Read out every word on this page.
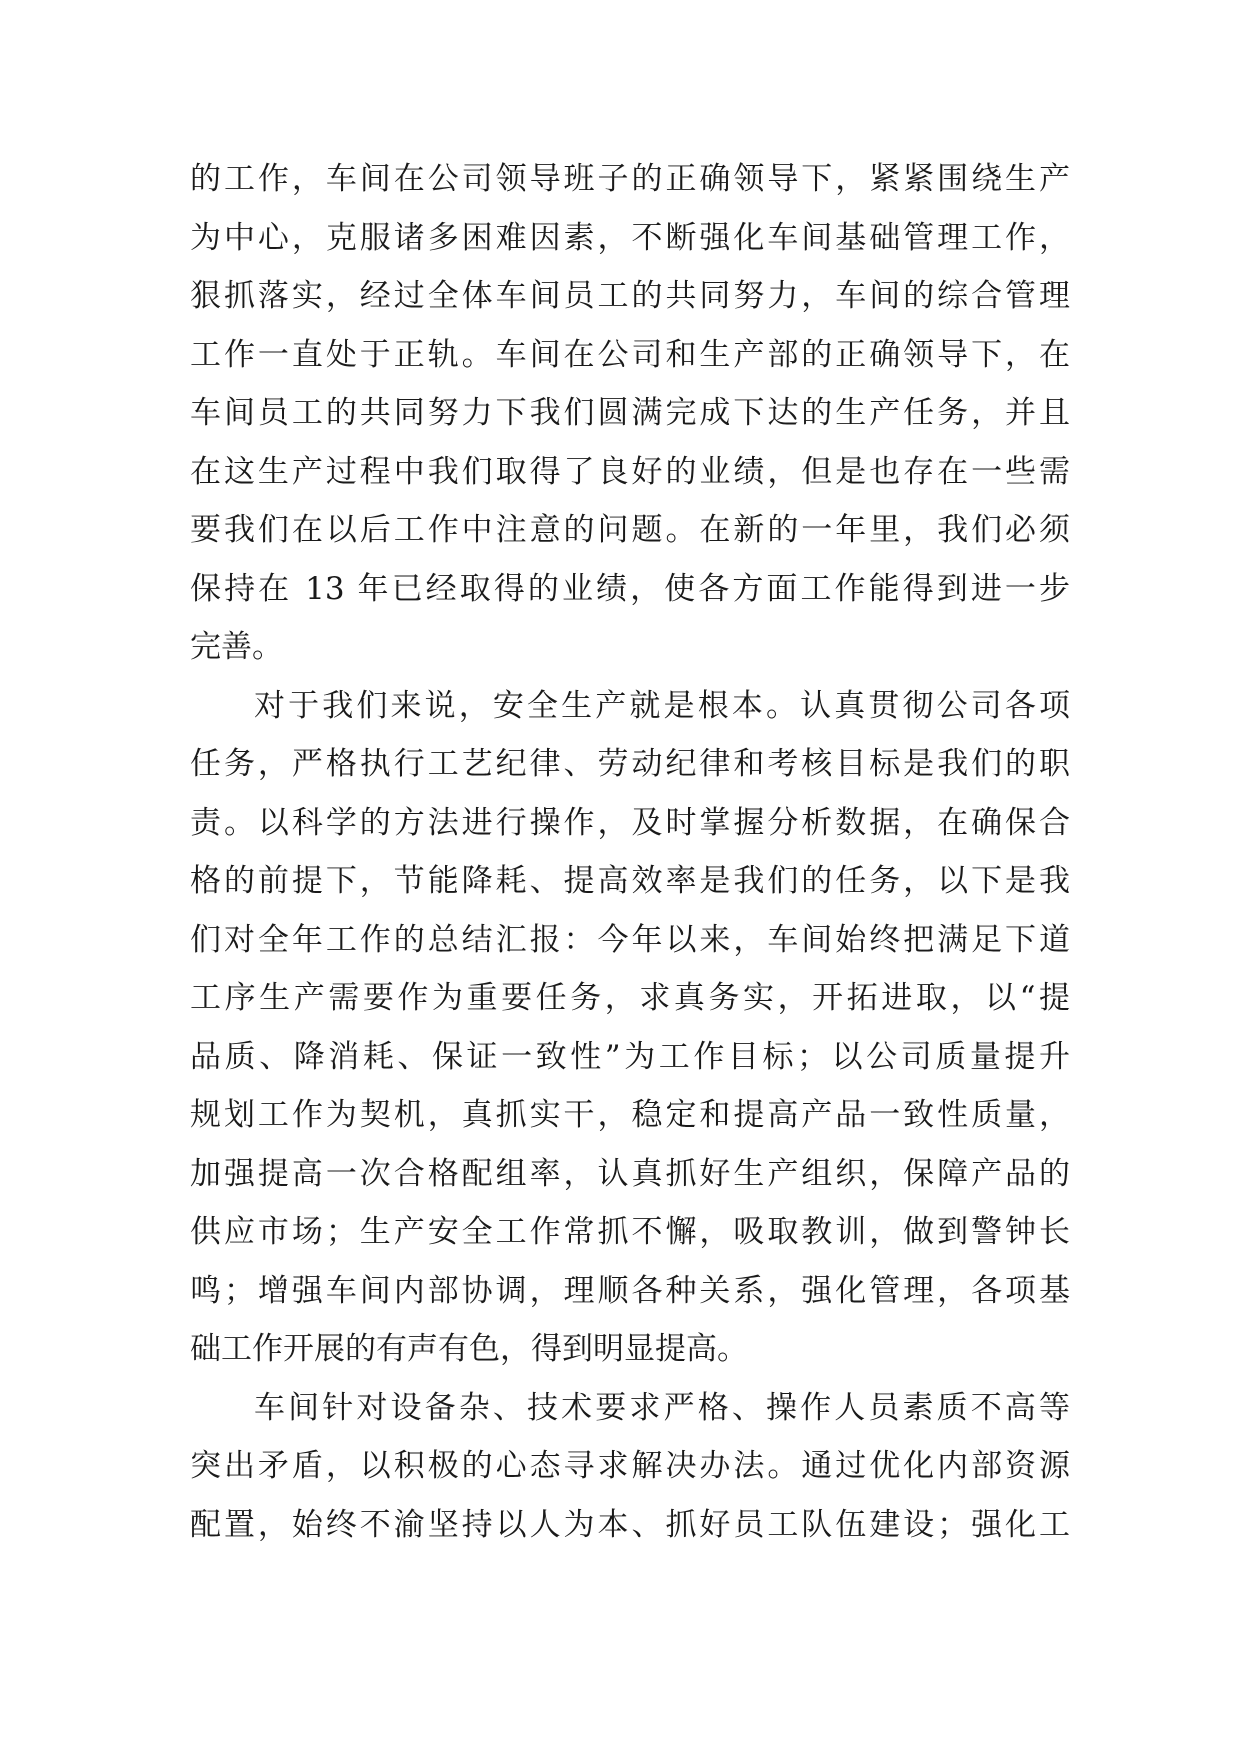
的工作，车间在公司领导班子的正确领导下，紧紧围绕生产
为中心，克服诸多困难因素，不断强化车间基础管理工作，
狠抓落实，经过全体车间员工的共同努力，车间的综合管理
工作一直处于正轨。车间在公司和生产部的正确领导下，在
车间员工的共同努力下我们圆满完成下达的生产任务，并且
在这生产过程中我们取得了良好的业绩，但是也存在一些需
要我们在以后工作中注意的问题。在新的一年里，我们必须
保持在 13 年已经取得的业绩，使各方面工作能得到进一步
完善。
对于我们来说，安全生产就是根本。认真贯彻公司各项
任务，严格执行工艺纪律、劳动纪律和考核目标是我们的职
责。以科学的方法进行操作，及时掌握分析数据，在确保合
格的前提下，节能降耗、提高效率是我们的任务，以下是我
们对全年工作的总结汇报：今年以来，车间始终把满足下道
工序生产需要作为重要任务，求真务实，开拓进取，以“提
品质、降消耗、保证一致性”为工作目标；以公司质量提升
规划工作为契机，真抓实干，稳定和提高产品一致性质量，
加强提高一次合格配组率，认真抓好生产组织，保障产品的
供应市场；生产安全工作常抓不懈，吸取教训，做到警钟长
鸣；增强车间内部协调，理顺各种关系，强化管理，各项基
础工作开展的有声有色，得到明显提高。
车间针对设备杂、技术要求严格、操作人员素质不高等
突出矛盾，以积极的心态寻求解决办法。通过优化内部资源
配置，始终不渝坚持以人为本、抓好员工队伍建设；强化工
